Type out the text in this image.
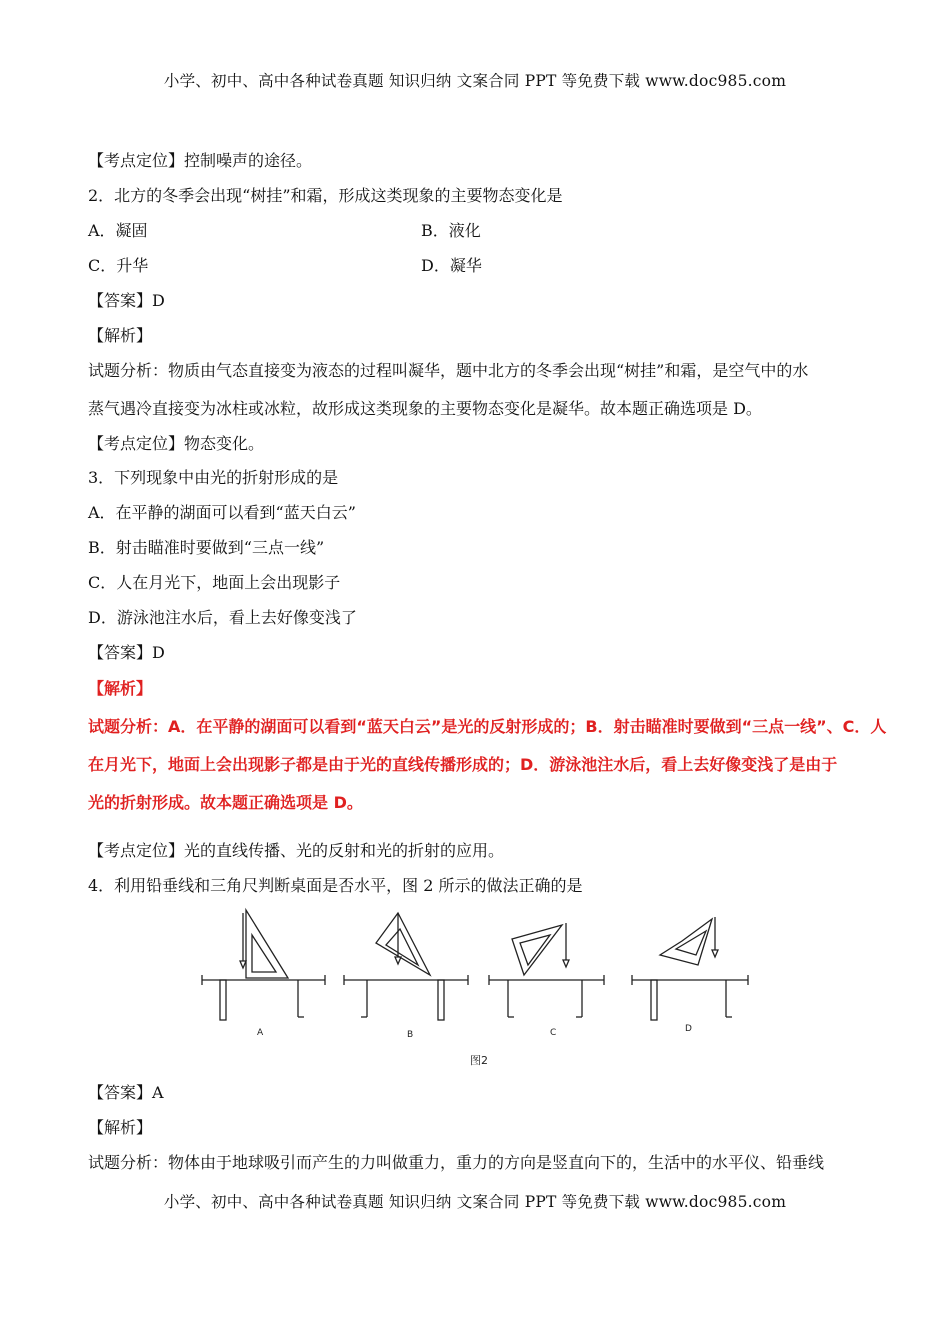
小学、初中、高中各种试卷真题 知识归纳 文案合同 PPT 等免费下载 www.doc985.com
【考点定位】控制噪声的途径。
2．北方的冬季会出现“树挂”和霜，形成这类现象的主要物态变化是
A．凝固	B．液化
C．升华	D．凝华
【答案】D
【解析】
试题分析：物质由气态直接变为液态的过程叫凝华，题中北方的冬季会出现“树挂”和霜，是空气中的水
蒸气遇冷直接变为冰柱或冰粒，故形成这类现象的主要物态变化是凝华。故本题正确选项是 D。
【考点定位】物态变化。
3．下列现象中由光的折射形成的是
A．在平静的湖面可以看到“蓝天白云”
B．射击瞄准时要做到“三点一线”
C．人在月光下，地面上会出现影子
D．游泳池注水后，看上去好像变浅了
【答案】D
【解析】
试题分析：A．在平静的湖面可以看到“蓝天白云”是光的反射形成的；B．射击瞄准时要做到“三点一线”、C．人
在月光下，地面上会出现影子都是由于光的直线传播形成的；D．游泳池注水后，看上去好像变浅了是由于
光的折射形成。故本题正确选项是 D。
【考点定位】光的直线传播、光的反射和光的折射的应用。
4．利用铅垂线和三角尺判断桌面是否水平，图 2 所示的做法正确的是
A	B	C	D
图2
【答案】A
【解析】
试题分析：物体由于地球吸引而产生的力叫做重力，重力的方向是竖直向下的，生活中的水平仪、铅垂线
小学、初中、高中各种试卷真题 知识归纳 文案合同 PPT 等免费下载 www.doc985.com
